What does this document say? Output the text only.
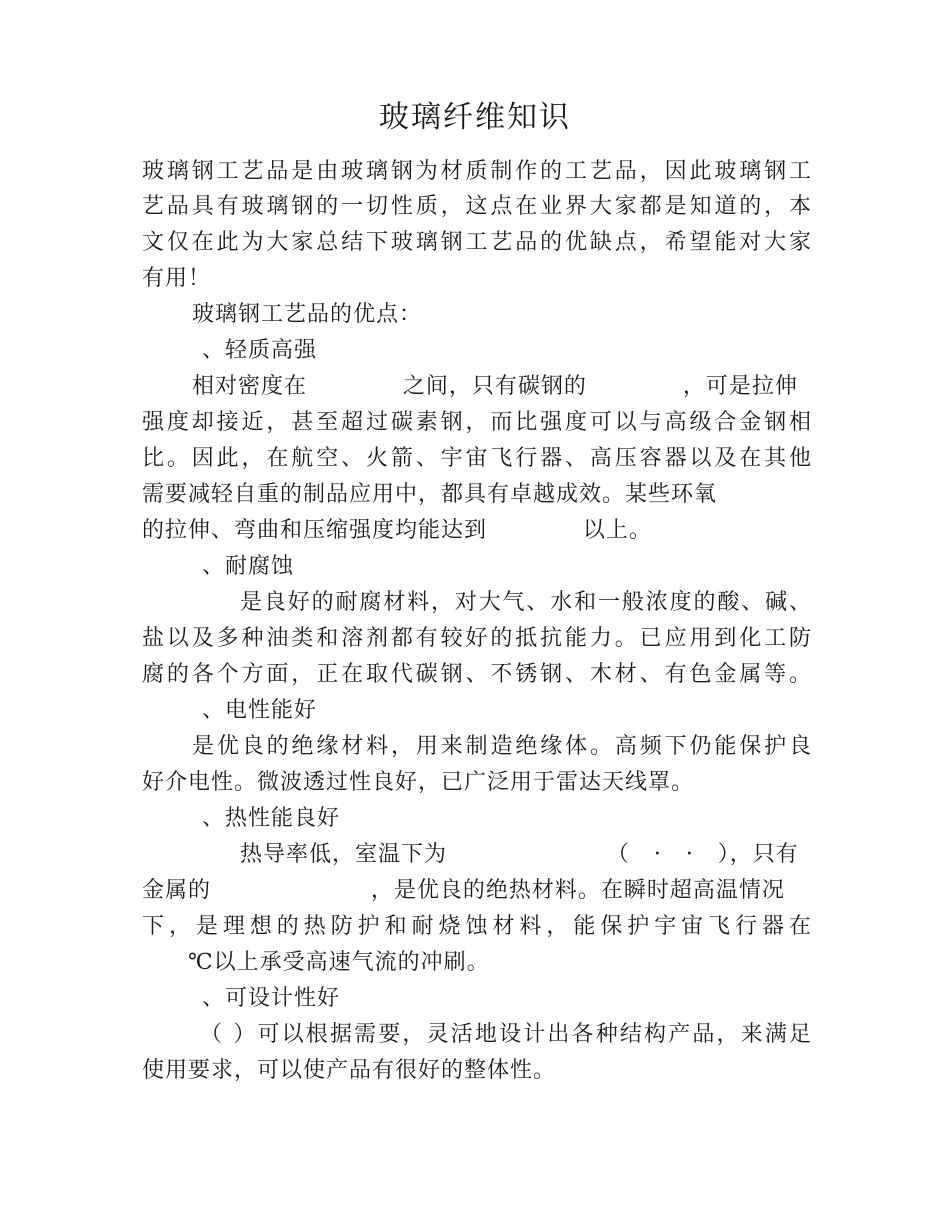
玻璃纤维知识
玻璃钢工艺品是由玻璃钢为材质制作的工艺品，因此玻璃钢工
艺品具有玻璃钢的一切性质，这点在业界大家都是知道的，本
文仅在此为大家总结下玻璃钢工艺品的优缺点，希望能对大家
有用！
玻璃钢工艺品的优点：
、轻质高强
相对密度在            之间，只有碳钢的            ，可是拉伸
强度却接近，甚至超过碳素钢，而比强度可以与高级合金钢相
比。因此，在航空、火箭、宇宙飞行器、高压容器以及在其他
需要减轻自重的制品应用中，都具有卓越成效。某些环氧
的拉伸、弯曲和压缩强度均能达到            以上。
、耐腐蚀
是良好的耐腐材料，对大气、水和一般浓度的酸、碱、
盐以及多种油类和溶剂都有较好的抵抗能力。已应用到化工防
腐的各个方面，正在取代碳钢、不锈钢、木材、有色金属等。
、电性能好
是优良的绝缘材料，用来制造绝缘体。高频下仍能保护良
好介电性。微波透过性良好，已广泛用于雷达天线罩。
、热性能良好
热导率低，室温下为                    （   ·   ·   ），只有
金属的                    ，是优良的绝热材料。在瞬时超高温情况
下，是理想的热防护和耐烧蚀材料，能保护宇宙飞行器在
℃以上承受高速气流的冲刷。
、可设计性好
（ ）可以根据需要，灵活地设计出各种结构产品，来满足
使用要求，可以使产品有很好的整体性。
